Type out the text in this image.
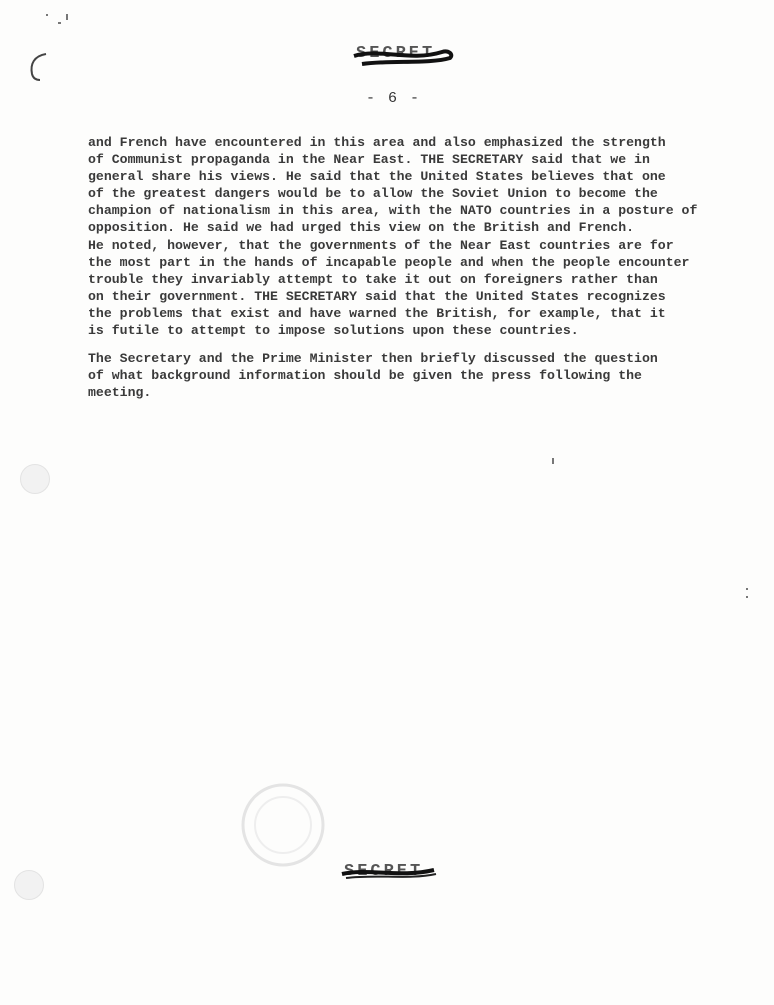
SECRET
- 6 -

and French have encountered in this area and also emphasized the strength
of Communist propaganda in the Near East. THE SECRETARY said that we in
general share his views. He said that the United States believes that one
of the greatest dangers would be to allow the Soviet Union to become the
champion of nationalism in this area, with the NATO countries in a posture of
opposition. He said we had urged this view on the British and French.
He noted, however, that the governments of the Near East countries are for
the most part in the hands of incapable people and when the people encounter
trouble they invariably attempt to take it out on foreigners rather than
on their government. THE SECRETARY said that the United States recognizes
the problems that exist and have warned the British, for example, that it
is futile to attempt to impose solutions upon these countries.

The Secretary and the Prime Minister then briefly discussed the question
of what background information should be given the press following the
meeting.

SECRET
